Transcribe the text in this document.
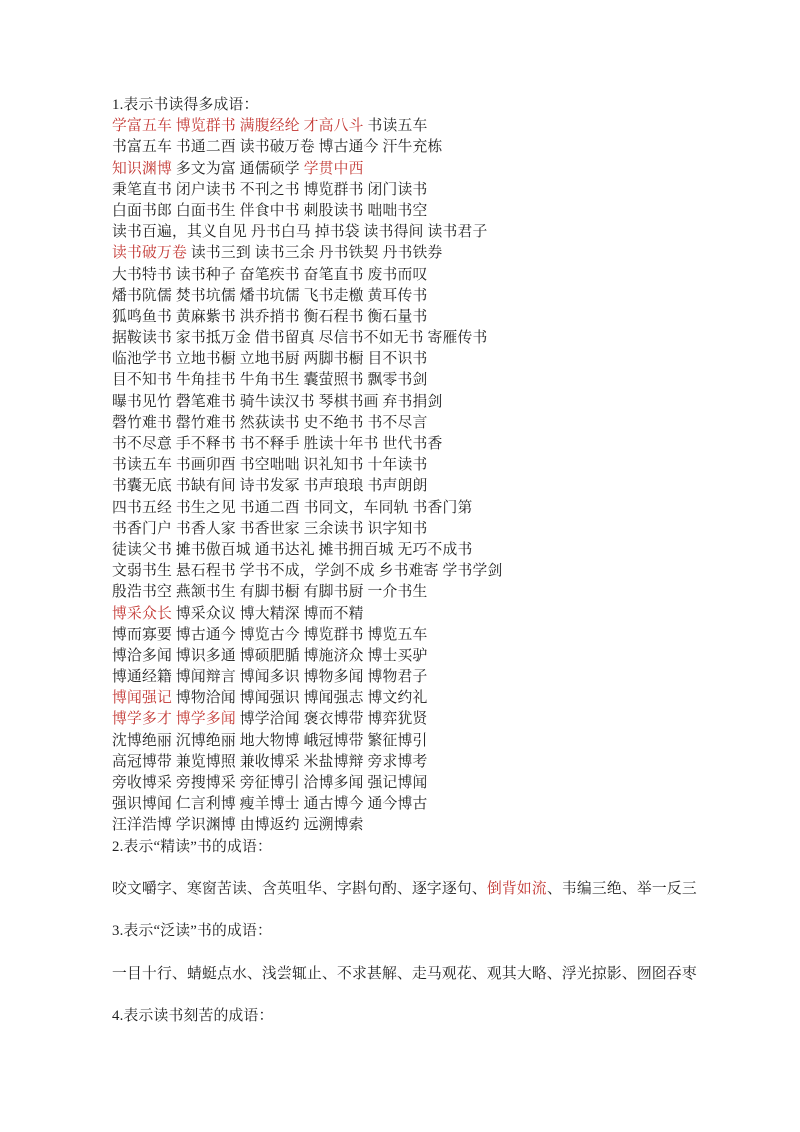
1.表示书读得多成语：
学富五车 博览群书 满腹经纶 才高八斗 书读五车
书富五车 书通二酉 读书破万卷 博古通今 汗牛充栋
知识渊博 多文为富 通儒硕学 学贯中西
秉笔直书 闭户读书 不刊之书 博览群书 闭门读书
白面书郎 白面书生 伴食中书 刺股读书 咄咄书空
读书百遍，其义自见 丹书白马 掉书袋 读书得间 读书君子
读书破万卷 读书三到 读书三余 丹书铁契 丹书铁券
大书特书 读书种子 奋笔疾书 奋笔直书 废书而叹
燔书阬儒 焚书坑儒 燔书坑儒 飞书走檄 黄耳传书
狐鸣鱼书 黄麻紫书 洪乔捎书 衡石程书 衡石量书
据鞍读书 家书抵万金 借书留真 尽信书不如无书 寄雁传书
临池学书 立地书橱 立地书厨 两脚书橱 目不识书
目不知书 牛角挂书 牛角书生 囊萤照书 飘零书剑
曝书见竹 磬笔难书 骑牛读汉书 琴棋书画 弃书捐剑
磬竹难书 罄竹难书 然荻读书 史不绝书 书不尽言
书不尽意 手不释书 书不释手 胜读十年书 世代书香
书读五车 书画卯酉 书空咄咄 识礼知书 十年读书
书囊无底 书缺有间 诗书发冢 书声琅琅 书声朗朗
四书五经 书生之见 书通二酉 书同文，车同轨 书香门第
书香门户 书香人家 书香世家 三余读书 识字知书
徒读父书 摊书傲百城 通书达礼 摊书拥百城 无巧不成书
文弱书生 悬石程书 学书不成，学剑不成 乡书难寄 学书学剑
殷浩书空 燕颔书生 有脚书橱 有脚书厨 一介书生
博采众长 博采众议 博大精深 博而不精
博而寡要 博古通今 博览古今 博览群书 博览五车
博洽多闻 博识多通 博硕肥腯 博施济众 博士买驴
博通经籍 博闻辩言 博闻多识 博物多闻 博物君子
博闻强记 博物洽闻 博闻强识 博闻强志 博文约礼
博学多才 博学多闻 博学洽闻 褒衣博带 博弈犹贤
沈博绝丽 沉博绝丽 地大物博 峨冠博带 繁征博引
高冠博带 兼览博照 兼收博采 米盐博辩 旁求博考
旁收博采 旁搜博采 旁征博引 洽博多闻 强记博闻
强识博闻 仁言利博 瘦羊博士 通古博今 通今博古
汪洋浩博 学识渊博 由博返约 远溯博索
2.表示“精读”书的成语：
咬文嚼字、寒窗苦读、含英咀华、字斟句酌、逐字逐句、倒背如流、韦编三绝、举一反三
3.表示“泛读”书的成语：
一目十行、蜻蜓点水、浅尝辄止、不求甚解、走马观花、观其大略、浮光掠影、囫囵吞枣
4.表示读书刻苦的成语：
